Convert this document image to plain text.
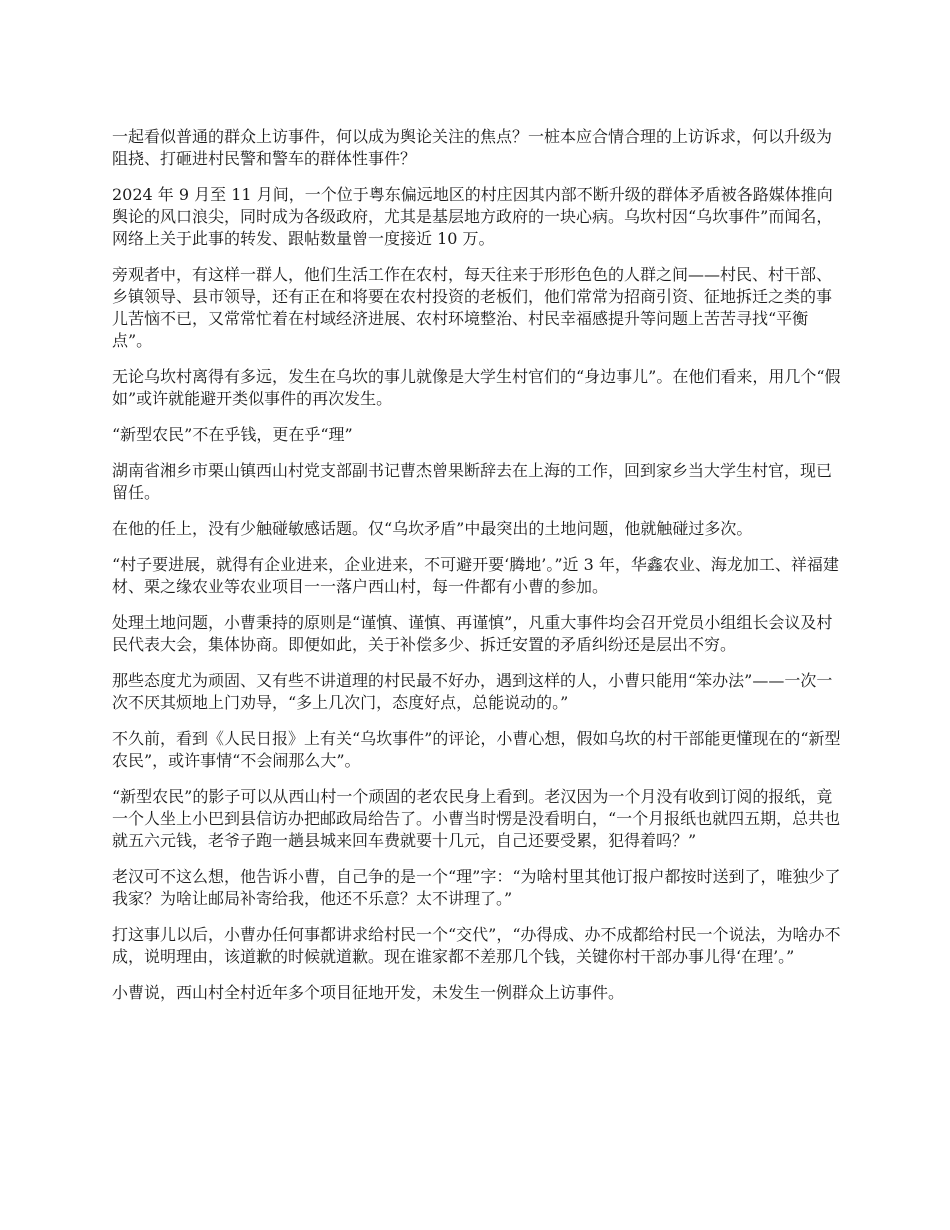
一起看似普通的群众上访事件，何以成为舆论关注的焦点？一桩本应合情合理的上访诉求，何以升级为阻挠、打砸进村民警和警车的群体性事件？

2024 年 9 月至 11 月间，一个位于粤东偏远地区的村庄因其内部不断升级的群体矛盾被各路媒体推向舆论的风口浪尖，同时成为各级政府，尤其是基层地方政府的一块心病。乌坎村因“乌坎事件”而闻名，网络上关于此事的转发、跟帖数量曾一度接近 10 万。

旁观者中，有这样一群人，他们生活工作在农村，每天往来于形形色色的人群之间——村民、村干部、乡镇领导、县市领导，还有正在和将要在农村投资的老板们，他们常常为招商引资、征地拆迁之类的事儿苦恼不已，又常常忙着在村域经济进展、农村环境整治、村民幸福感提升等问题上苦苦寻找“平衡点”。

无论乌坎村离得有多远，发生在乌坎的事儿就像是大学生村官们的“身边事儿”。在他们看来，用几个“假如”或许就能避开类似事件的再次发生。

“新型农民”不在乎钱，更在乎“理”

湖南省湘乡市栗山镇西山村党支部副书记曹杰曾果断辞去在上海的工作，回到家乡当大学生村官，现已留任。

在他的任上，没有少触碰敏感话题。仅“乌坎矛盾”中最突出的土地问题，他就触碰过多次。

“村子要进展，就得有企业进来，企业进来，不可避开要‘腾地’。”近 3 年，华鑫农业、海龙加工、祥福建材、栗之缘农业等农业项目一一落户西山村，每一件都有小曹的参加。

处理土地问题，小曹秉持的原则是“谨慎、谨慎、再谨慎”，凡重大事件均会召开党员小组组长会议及村民代表大会，集体协商。即便如此，关于补偿多少、拆迁安置的矛盾纠纷还是层出不穷。

那些态度尤为顽固、又有些不讲道理的村民最不好办，遇到这样的人，小曹只能用“笨办法”——一次一次不厌其烦地上门劝导，“多上几次门，态度好点，总能说动的。”

不久前，看到《人民日报》上有关“乌坎事件”的评论，小曹心想，假如乌坎的村干部能更懂现在的“新型农民”，或许事情“不会闹那么大”。

“新型农民”的影子可以从西山村一个顽固的老农民身上看到。老汉因为一个月没有收到订阅的报纸，竟一个人坐上小巴到县信访办把邮政局给告了。小曹当时愣是没看明白，“一个月报纸也就四五期，总共也就五六元钱，老爷子跑一趟县城来回车费就要十几元，自己还要受累，犯得着吗？”

老汉可不这么想，他告诉小曹，自己争的是一个“理”字：“为啥村里其他订报户都按时送到了，唯独少了我家？为啥让邮局补寄给我，他还不乐意？太不讲理了。”

打这事儿以后，小曹办任何事都讲求给村民一个“交代”，“办得成、办不成都给村民一个说法，为啥办不成，说明理由，该道歉的时候就道歉。现在谁家都不差那几个钱，关键你村干部办事儿得‘在理’。”

小曹说，西山村全村近年多个项目征地开发，未发生一例群众上访事件。
